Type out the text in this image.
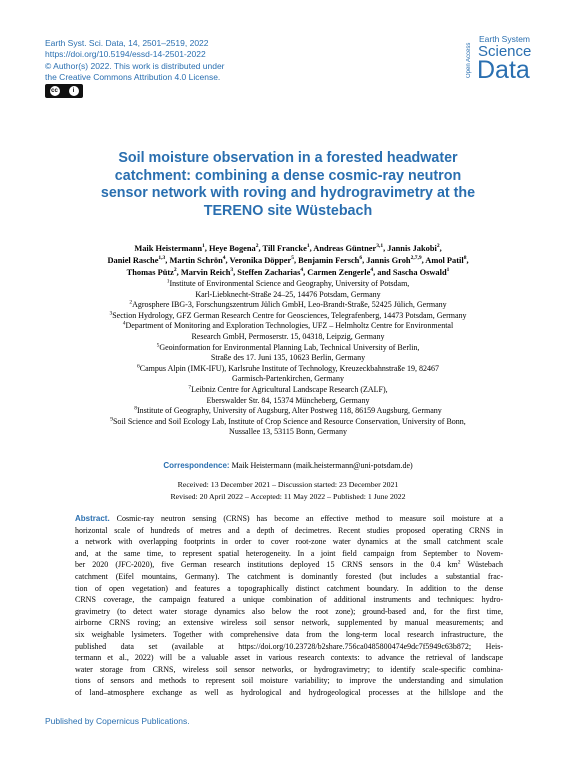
Earth Syst. Sci. Data, 14, 2501–2519, 2022
https://doi.org/10.5194/essd-14-2501-2022
© Author(s) 2022. This work is distributed under
the Creative Commons Attribution 4.0 License.
cc	i
Open Access
Earth System
Science
Data
Soil moisture observation in a forested headwater
catchment: combining a dense cosmic-ray neutron
sensor network with roving and hydrogravimetry at the
TERENO site Wüstebach
Maik Heistermann$^1$, Heye Bogena$^2$, Till Francke$^1$, Andreas Güntner$^{3,1}$, Jannis Jakobi$^2$,
Daniel Rasche$^{1,3}$, Martin Schrön$^4$, Veronika Döpper$^5$, Benjamin Fersch$^6$, Jannis Groh$^{2,7,9}$, Amol Patil$^8$,
Thomas Pütz$^2$, Marvin Reich$^3$, Steffen Zacharias$^4$, Carmen Zengerle$^4$, and Sascha Oswald$^1$
$^1$Institute of Environmental Science and Geography, University of Potsdam,
Karl-Liebknecht-Straße 24–25, 14476 Potsdam, Germany
$^2$Agrosphere IBG-3, Forschungszentrum Jülich GmbH, Leo-Brandt-Straße, 52425 Jülich, Germany
$^3$Section Hydrology, GFZ German Research Centre for Geosciences, Telegrafenberg, 14473 Potsdam, Germany
$^4$Department of Monitoring and Exploration Technologies, UFZ – Helmholtz Centre for Environmental
Research GmbH, Permoserstr. 15, 04318, Leipzig, Germany
$^5$Geoinformation for Environmental Planning Lab, Technical University of Berlin,
Straße des 17. Juni 135, 10623 Berlin, Germany
$^6$Campus Alpin (IMK-IFU), Karlsruhe Institute of Technology, Kreuzeckbahnstraße 19, 82467
Garmisch-Partenkirchen, Germany
$^7$Leibniz Centre for Agricultural Landscape Research (ZALF),
Eberswalder Str. 84, 15374 Müncheberg, Germany
$^8$Institute of Geography, University of Augsburg, Alter Postweg 118, 86159 Augsburg, Germany
$^9$Soil Science and Soil Ecology Lab, Institute of Crop Science and Resource Conservation, University of Bonn,
Nussallee 13, 53115 Bonn, Germany
Correspondence: Maik Heistermann (maik.heistermann@uni-potsdam.de)
Received: 13 December 2021 – Discussion started: 23 December 2021
Revised: 20 April 2022 – Accepted: 11 May 2022 – Published: 1 June 2022
Abstract. Cosmic-ray neutron sensing (CRNS) has become an effective method to measure soil moisture at a
horizontal scale of hundreds of metres and a depth of decimetres. Recent studies proposed operating CRNS in
a network with overlapping footprints in order to cover root-zone water dynamics at the small catchment scale
and, at the same time, to represent spatial heterogeneity. In a joint field campaign from September to Novem-
ber 2020 (JFC-2020), five German research institutions deployed 15 CRNS sensors in the 0.4 $km^2$ Wüstebach
catchment (Eifel mountains, Germany). The catchment is dominantly forested (but includes a substantial frac-
tion of open vegetation) and features a topographically distinct catchment boundary. In addition to the dense
CRNS coverage, the campaign featured a unique combination of additional instruments and techniques: hydro-
gravimetry (to detect water storage dynamics also below the root zone); ground-based and, for the first time,
airborne CRNS roving; an extensive wireless soil sensor network, supplemented by manual measurements; and
six weighable lysimeters. Together with comprehensive data from the long-term local research infrastructure, the
published data set (available at https://doi.org/10.23728/b2share.756ca0485800474e9dc7f5949c63b872; Heis-
termann et al., 2022) will be a valuable asset in various research contexts: to advance the retrieval of landscape
water storage from CRNS, wireless soil sensor networks, or hydrogravimetry; to identify scale-specific combina-
tions of sensors and methods to represent soil moisture variability; to improve the understanding and simulation
of land–atmosphere exchange as well as hydrological and hydrogeological processes at the hillslope and the
Published by Copernicus Publications.
